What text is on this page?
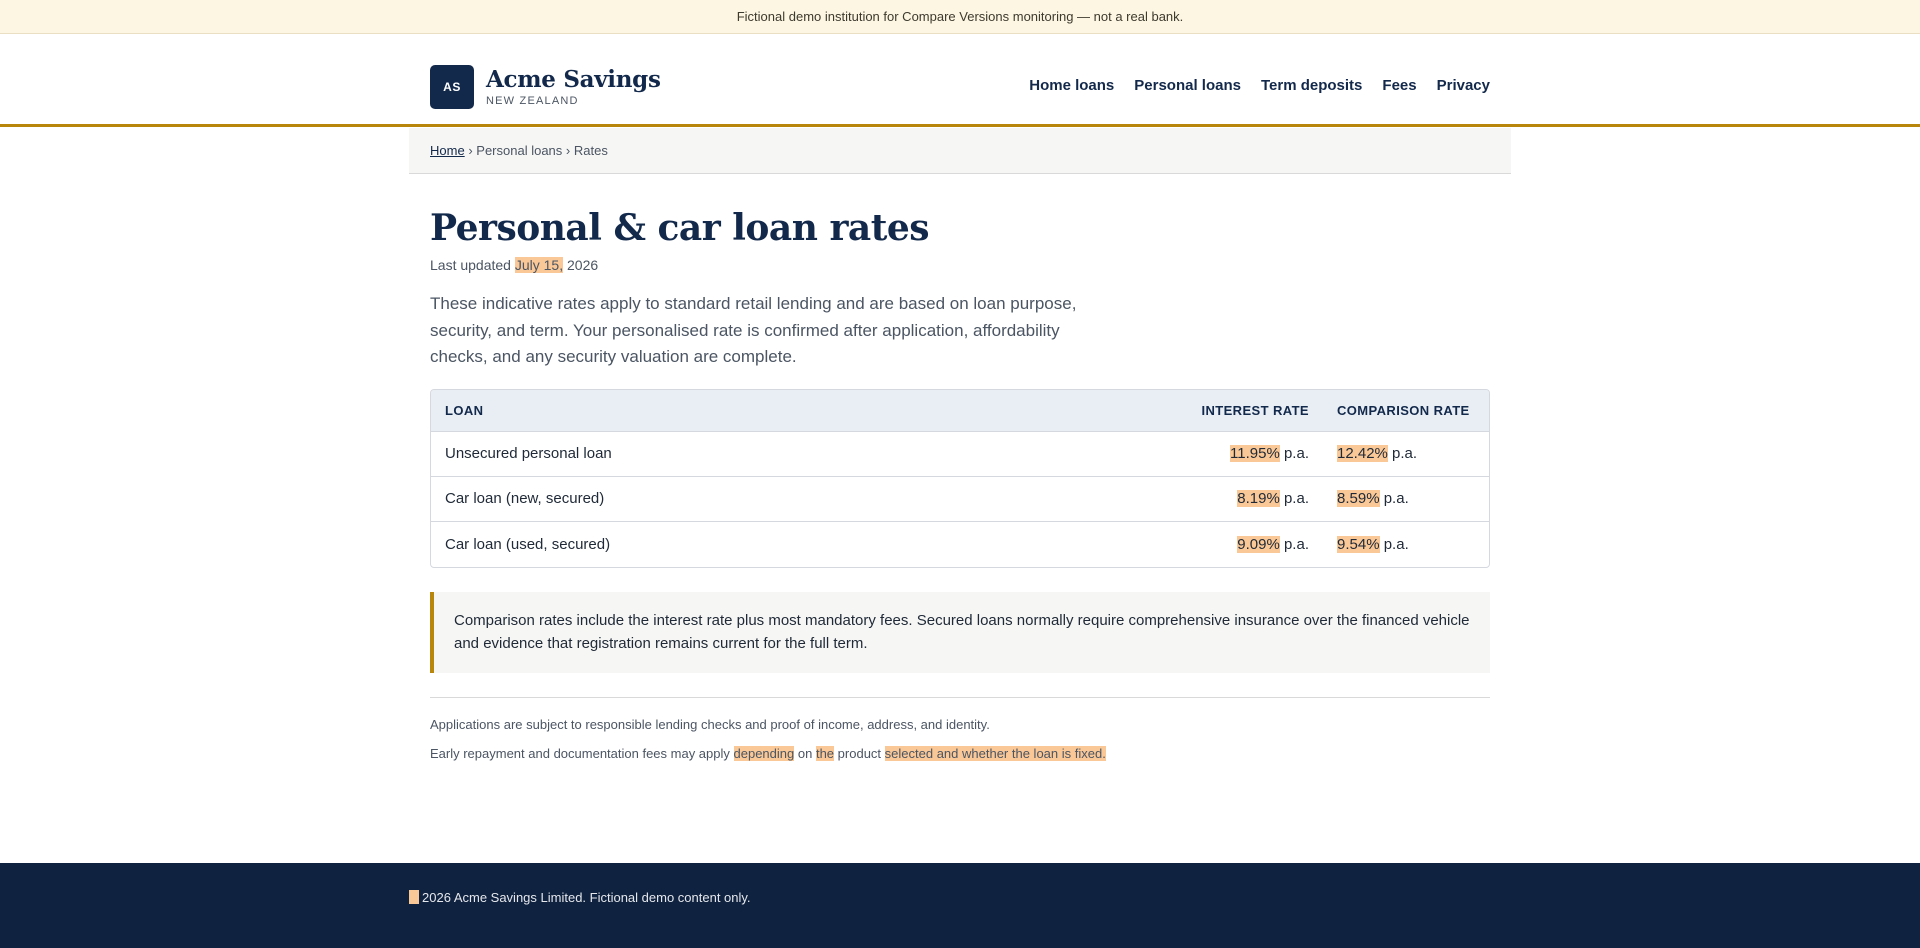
Fictional demo institution for Compare Versions monitoring — not a real bank.
AS	Acme Savings
NEW ZEALAND
Home loans Personal loans Term deposits Fees Privacy
Home › Personal loans › Rates
Personal & car loan rates
Last updated July 15, 2026

These indicative rates apply to standard retail lending and are based on loan purpose, security, and term. Your personalised rate is confirmed after application, affordability checks, and any security valuation are complete.

LOAN	INTEREST RATE	COMPARISON RATE
Unsecured personal loan	11.95% p.a.	12.42% p.a.
Car loan (new, secured)	8.19% p.a.	8.59% p.a.
Car loan (used, secured)	9.09% p.a.	9.54% p.a.
Comparison rates include the interest rate plus most mandatory fees. Secured loans normally require comprehensive insurance over the financed vehicle and evidence that registration remains current for the full term.

Applications are subject to responsible lending checks and proof of income, address, and identity.

Early repayment and documentation fees may apply depending on the product selected and whether the loan is fixed.

2026 Acme Savings Limited. Fictional demo content only.
